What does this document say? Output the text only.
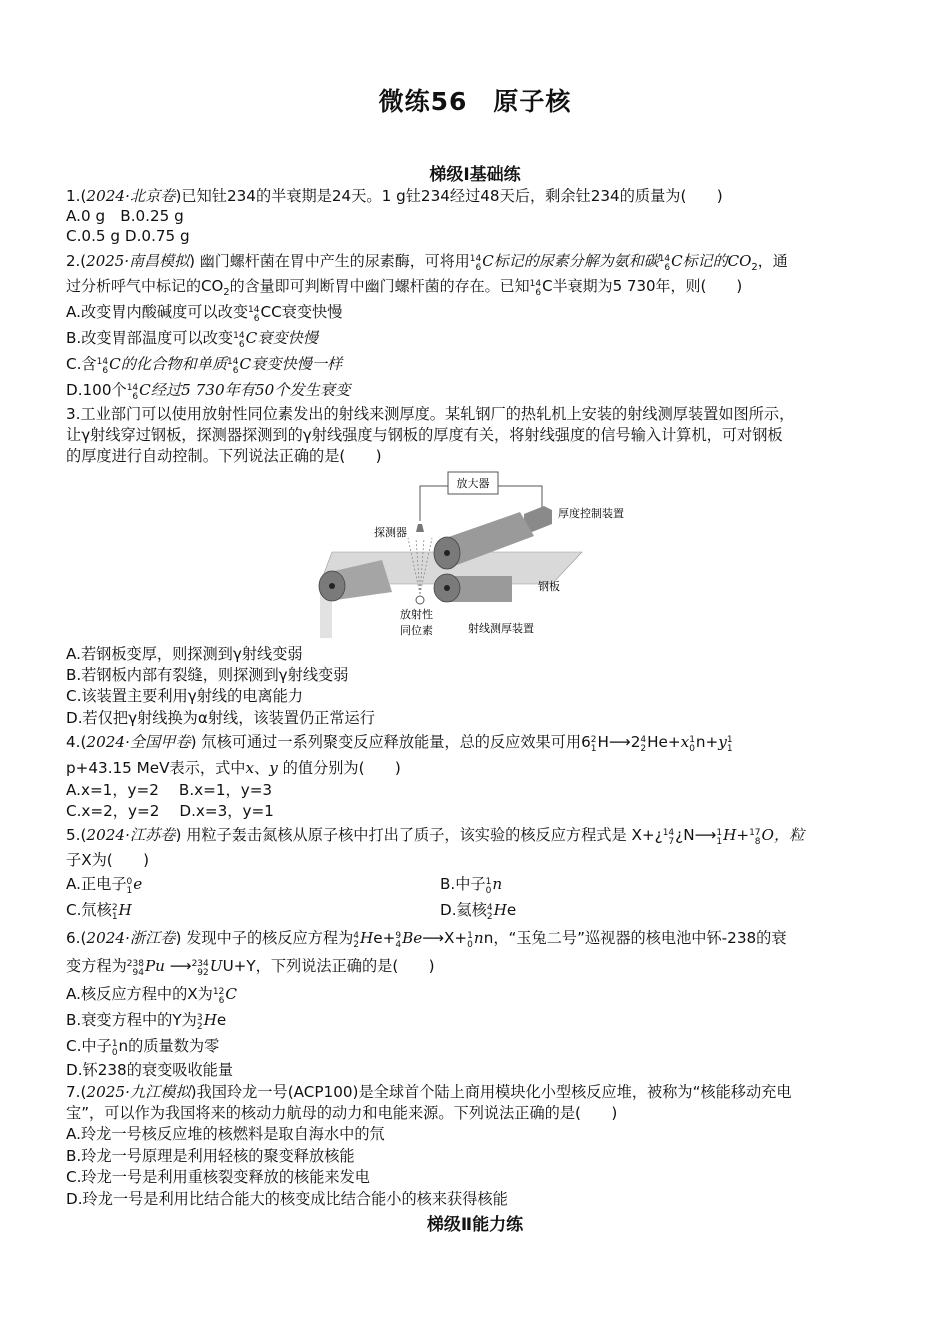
微练56　原子核
梯级Ⅰ基础练
1.(2024·北京卷)已知钍234的半衰期是24天。1 g钍234经过48天后，剩余钍234的质量为(　　)
A.0 g　B.0.25 g
C.0.5 g D.0.75 g
2.(2025·南昌模拟) 幽门螺杆菌在胃中产生的尿素酶，可将用 14
6 C标记的尿素分解为氨和碳 14
6 C标记的$CO_2$，通
过分析呼气中标记的$CO_2$的含量即可判断胃中幽门螺杆菌的存在。已知 14
6 C半衰期为5 730年，则(　　)
A.改变胃内酸碱度可以改变 14
6 CC衰变快慢
B.改变胃部温度可以改变 14
6 C衰变快慢
C.含 14
6 C的化合物和单质 14
6 C衰变快慢一样
D.100个 14
6 C经过5 730年有50个发生衰变
3.工业部门可以使用放射性同位素发出的射线来测厚度。某轧钢厂的热轧机上安装的射线测厚装置如图所示，
让γ射线穿过钢板，探测器探测到的γ射线强度与钢板的厚度有关，将射线强度的信号输入计算机，可对钢板
的厚度进行自动控制。下列说法正确的是(　　)
放大器
厚度控制装置
探测器
放射性
同位素
钢板
射线测厚装置
A.若钢板变厚，则探测到γ射线变弱
B.若钢板内部有裂缝，则探测到γ射线变弱
C.该装置主要利用γ射线的电离能力
D.若仅把γ射线换为α射线，该装置仍正常运行
4.(2024·全国甲卷) 氘核可通过一系列聚变反应释放能量，总的反应效果可用6 2
1 H⟶2 4
2 He+x 1
0 n+y 1
1
p+43.15 MeV表示，式中x、y 的值分别为(　　)
A.x=1，y=2　 B.x=1，y=3
C.x=2，y=2　 D.x=3，y=1
5.(2024·江苏卷) 用粒子轰击氮核从原子核中打出了质子，该实验的核反应方程式是 X+¿ 14
7 ¿N⟶ 1
1 H+ 17
8 O，粒
子X为(　　)
A.正电子 0
1 e	B.中子 1
0 n
C.氘核 2
1 H	D.氦核 4
2 He
6.(2024·浙江卷) 发现中子的核反应方程为 4
2 He+ 9
4 Be⟶X+ 1
0 nn，“玉兔二号”巡视器的核电池中钚-238的衰
变方程为 238
94 Pu ⟶ 234
92 UU+Y，下列说法正确的是(　　)
A.核反应方程中的X为 12
6 C
B.衰变方程中的Y为 3
2 He
C.中子 1
0 n的质量数为零
D.钚238的衰变吸收能量
7.(2025·九江模拟)我国玲龙一号(ACP100)是全球首个陆上商用模块化小型核反应堆，被称为“核能移动充电
宝”，可以作为我国将来的核动力航母的动力和电能来源。下列说法正确的是(　　)
A.玲龙一号核反应堆的核燃料是取自海水中的氘
B.玲龙一号原理是利用轻核的聚变释放核能
C.玲龙一号是利用重核裂变释放的核能来发电
D.玲龙一号是利用比结合能大的核变成比结合能小的核来获得核能
梯级Ⅱ能力练
